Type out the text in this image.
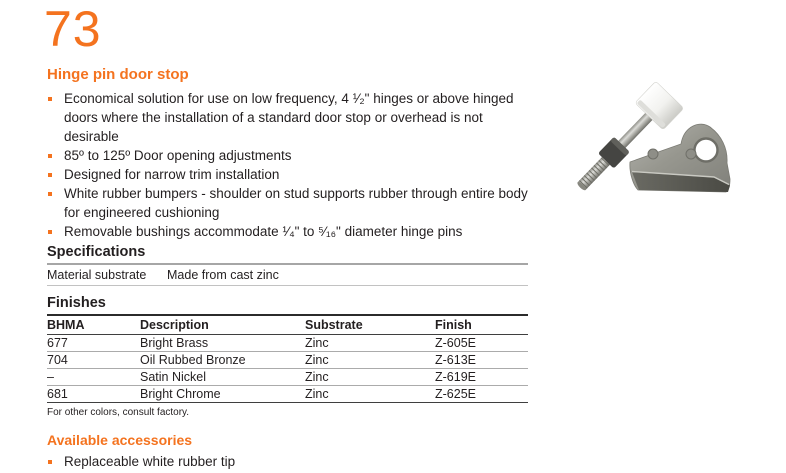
73
Hinge pin door stop
Economical solution for use on low frequency, 4 ¹⁄₂" hinges or above hinged doors where the installation of a standard door stop or overhead is not desirable
85º to 125º Door opening adjustments
Designed for narrow trim installation
White rubber bumpers - shoulder on stud supports rubber through entire body for engineered cushioning
Removable bushings accommodate ¹⁄₄" to ⁵⁄₁₆" diameter hinge pins
Specifications
Material substrate	Made from cast zinc
Finishes
BHMA	Description	Substrate	Finish
677	Bright Brass	Zinc	Z-605E
704	Oil Rubbed Bronze	Zinc	Z-613E
–	Satin Nickel	Zinc	Z-619E
681	Bright Chrome	Zinc	Z-625E
For other colors, consult factory.
Available accessories
Replaceable white rubber tip
